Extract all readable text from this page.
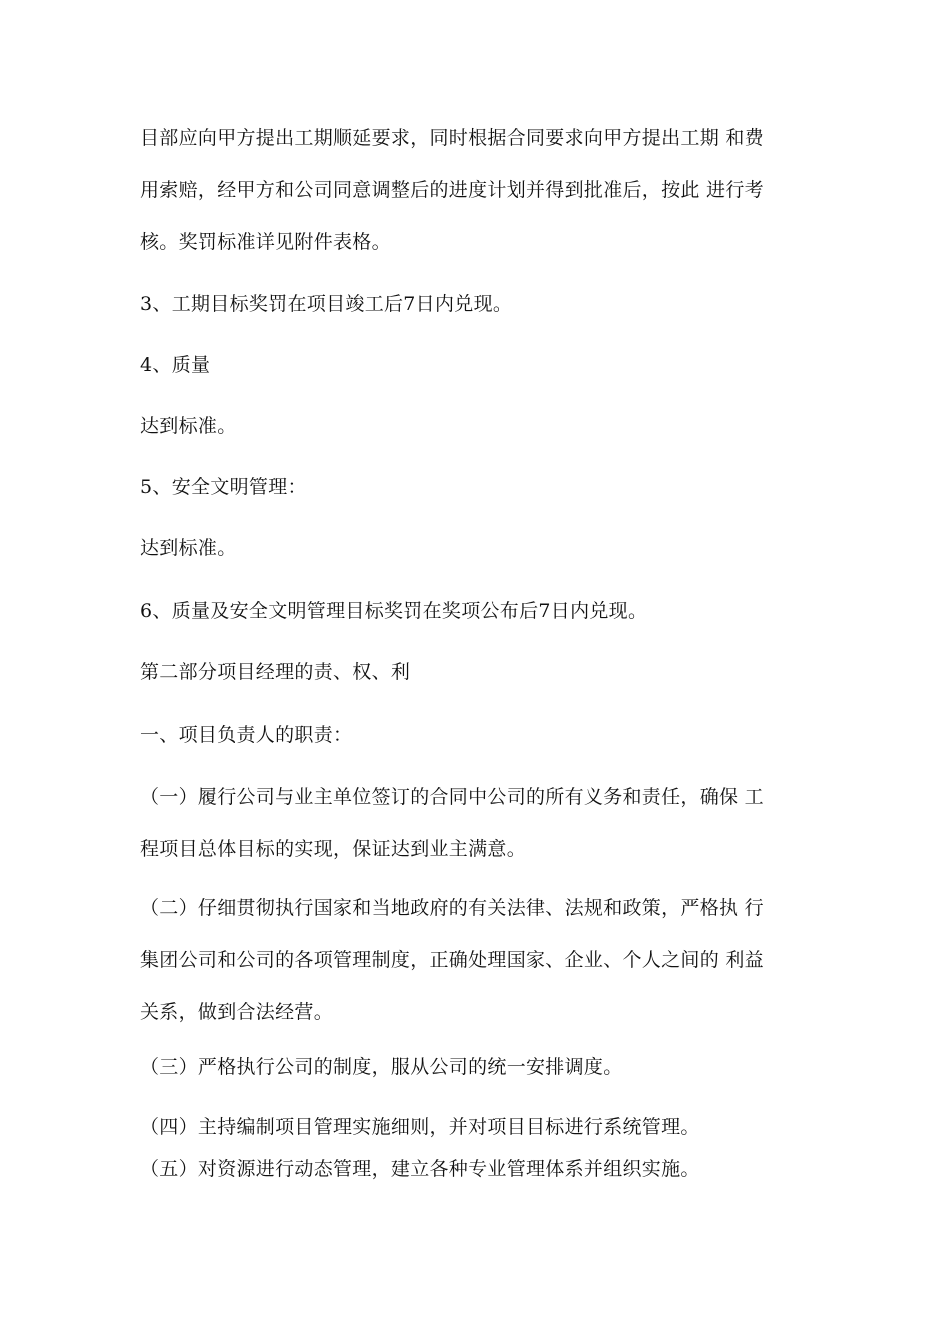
目部应向甲方提出工期顺延要求，同时根据合同要求向甲方提出工期 和费
用索赔，经甲方和公司同意调整后的进度计划并得到批准后，按此 进行考
核。奖罚标准详见附件表格。
3、工期目标奖罚在项目竣工后7日内兑现。
4、质量
达到标准。
5、安全文明管理：
达到标准。
6、质量及安全文明管理目标奖罚在奖项公布后7日内兑现。
第二部分项目经理的责、权、利
一、项目负责人的职责：
（一）履行公司与业主单位签订的合同中公司的所有义务和责任，确保 工
程项目总体目标的实现，保证达到业主满意。
（二）仔细贯彻执行国家和当地政府的有关法律、法规和政策，严格执 行
集团公司和公司的各项管理制度，正确处理国家、企业、个人之间的 利益
关系，做到合法经营。
（三）严格执行公司的制度，服从公司的统一安排调度。
（四）主持编制项目管理实施细则，并对项目目标进行系统管理。
（五）对资源进行动态管理，建立各种专业管理体系并组织实施。
